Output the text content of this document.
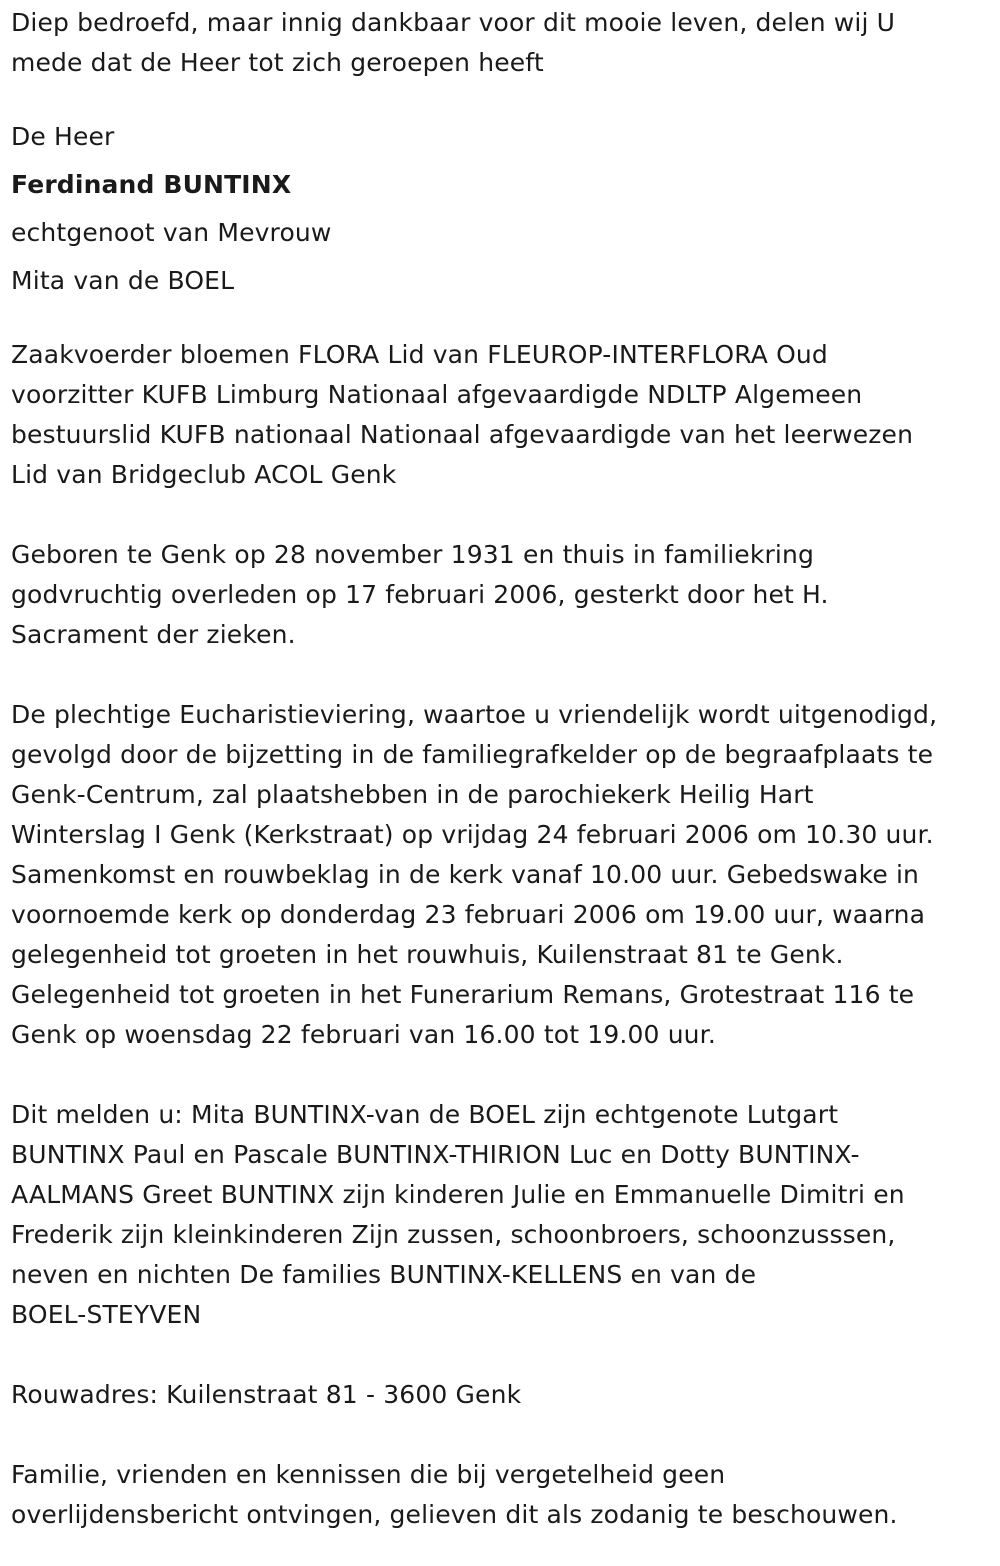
Diep bedroefd, maar innig dankbaar voor dit mooie leven, delen wij U
mede dat de Heer tot zich geroepen heeft

De Heer

Ferdinand BUNTINX

echtgenoot van Mevrouw

Mita van de BOEL

Zaakvoerder bloemen FLORA Lid van FLEUROP-INTERFLORA Oud
voorzitter KUFB Limburg Nationaal afgevaardigde NDLTP Algemeen
bestuurslid KUFB nationaal Nationaal afgevaardigde van het leerwezen
Lid van Bridgeclub ACOL Genk

Geboren te Genk op 28 november 1931 en thuis in familiekring
godvruchtig overleden op 17 februari 2006, gesterkt door het H.
Sacrament der zieken.

De plechtige Eucharistieviering, waartoe u vriendelijk wordt uitgenodigd,
gevolgd door de bijzetting in de familiegrafkelder op de begraafplaats te
Genk-Centrum, zal plaatshebben in de parochiekerk Heilig Hart
Winterslag I Genk (Kerkstraat) op vrijdag 24 februari 2006 om 10.30 uur.
Samenkomst en rouwbeklag in de kerk vanaf 10.00 uur. Gebedswake in
voornoemde kerk op donderdag 23 februari 2006 om 19.00 uur, waarna
gelegenheid tot groeten in het rouwhuis, Kuilenstraat 81 te Genk.
Gelegenheid tot groeten in het Funerarium Remans, Grotestraat 116 te
Genk op woensdag 22 februari van 16.00 tot 19.00 uur.

Dit melden u: Mita BUNTINX-van de BOEL zijn echtgenote Lutgart
BUNTINX Paul en Pascale BUNTINX-THIRION Luc en Dotty BUNTINX-
AALMANS Greet BUNTINX zijn kinderen Julie en Emmanuelle Dimitri en
Frederik zijn kleinkinderen Zijn zussen, schoonbroers, schoonzusssen,
neven en nichten De families BUNTINX-KELLENS en van de
BOEL-STEYVEN

Rouwadres: Kuilenstraat 81 - 3600 Genk

Familie, vrienden en kennissen die bij vergetelheid geen
overlijdensbericht ontvingen, gelieven dit als zodanig te beschouwen.
